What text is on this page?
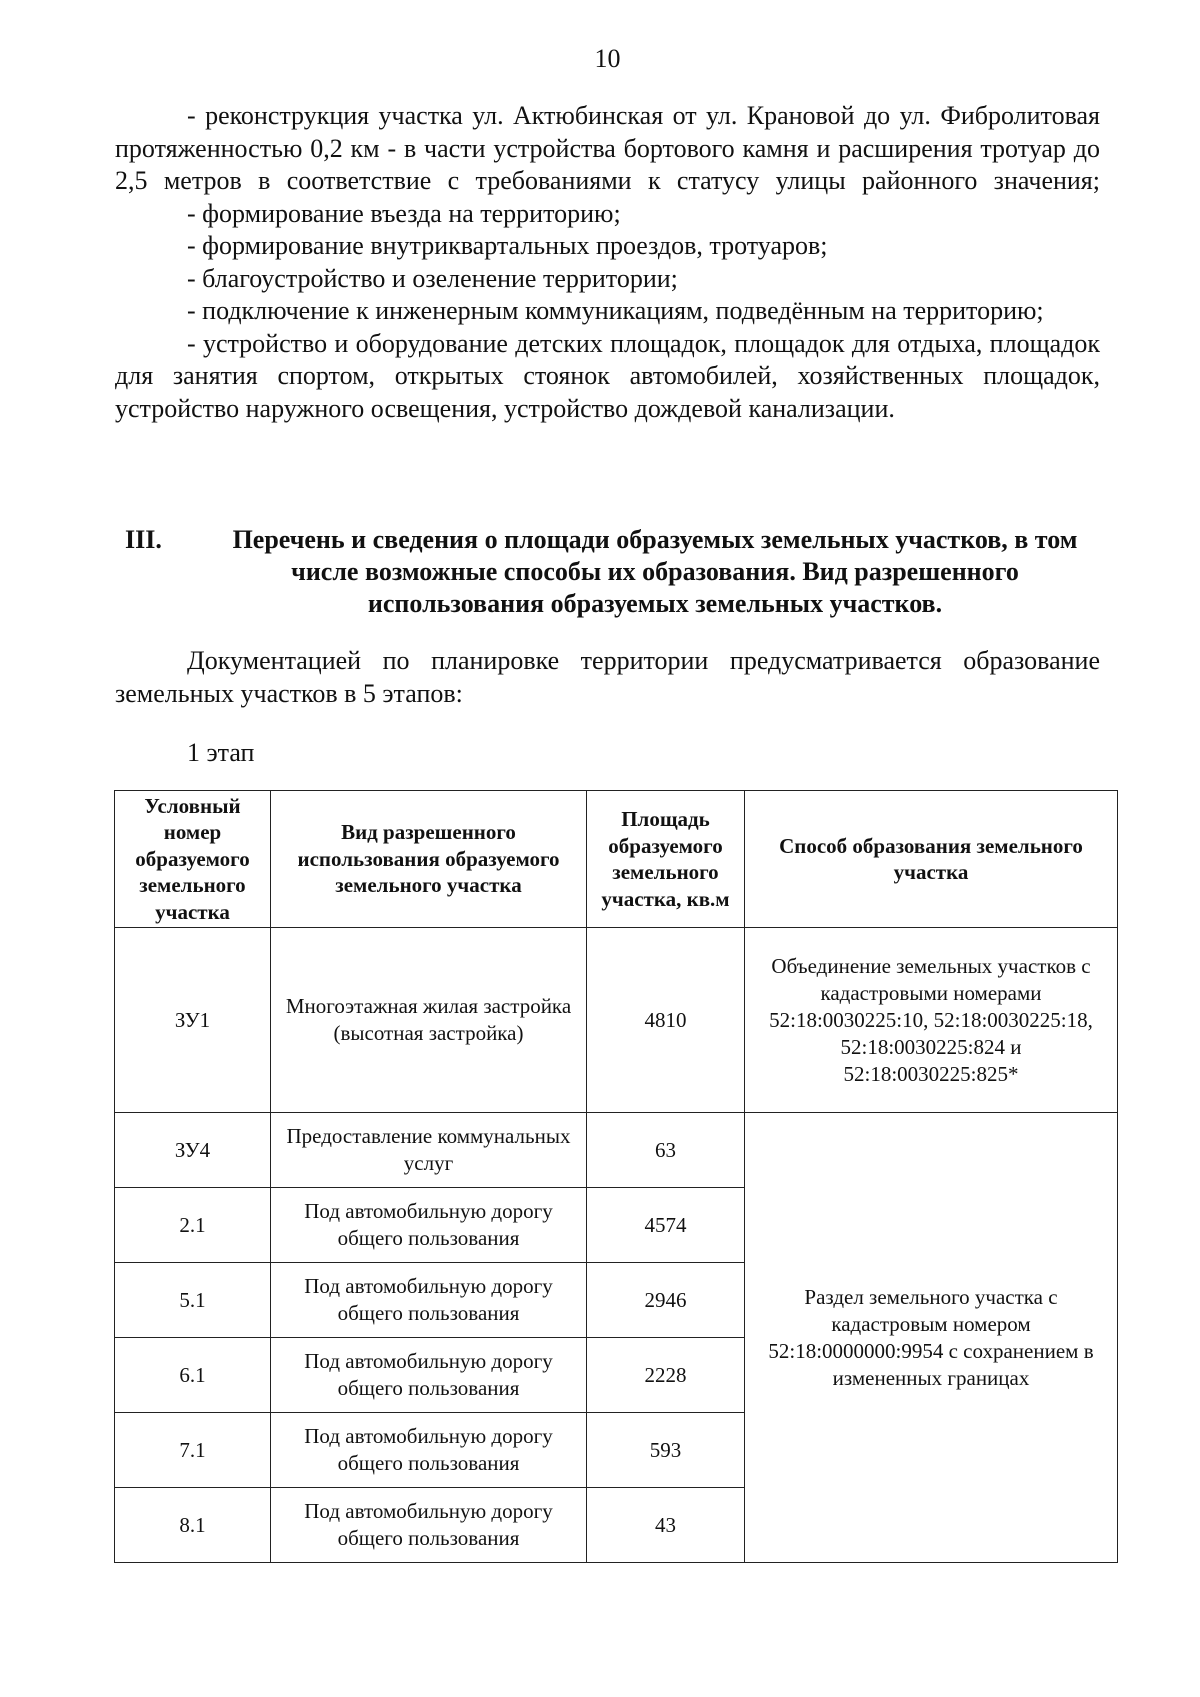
10

- реконструкция участка ул. Актюбинская от ул. Крановой до ул. Фибролитовая протяженностью 0,2 км - в части устройства бортового камня и расширения тротуар до 2,5 метров в соответствие с требованиями к статусу улицы районного значения;

- формирование въезда на территорию;

- формирование внутриквартальных проездов, тротуаров;

- благоустройство и озеленение территории;

- подключение к инженерным коммуникациям, подведённым на территорию;

- устройство и оборудование детских площадок, площадок для отдыха, площадок для занятия спортом, открытых стоянок автомобилей, хозяйственных площадок, устройство наружного освещения, устройство дождевой канализации.

III.	Перечень и сведения о площади образуемых земельных участков, в том числе возможные способы их образования. Вид разрешенного использования образуемых земельных участков.

Документацией по планировке территории предусматривается образование земельных участков в 5 этапов:

1 этап
Условный номер образуемого земельного участка	Вид разрешенного использования образуемого земельного участка	Площадь образуемого земельного участка, кв.м	Способ образования земельного участка
ЗУ1	Многоэтажная жилая застройка (высотная застройка)	4810	Объединение земельных участков с кадастровыми номерами 52:18:0030225:10, 52:18:0030225:18, 52:18:0030225:824 и 52:18:0030225:825*
ЗУ4	Предоставление коммунальных услуг	63	Раздел земельного участка с кадастровым номером 52:18:0000000:9954 с сохранением в измененных границах
2.1	Под автомобильную дорогу общего пользования	4574	
5.1	Под автомобильную дорогу общего пользования	2946	
6.1	Под автомобильную дорогу общего пользования	2228	
7.1	Под автомобильную дорогу общего пользования	593	
8.1	Под автомобильную дорогу общего пользования	43	
